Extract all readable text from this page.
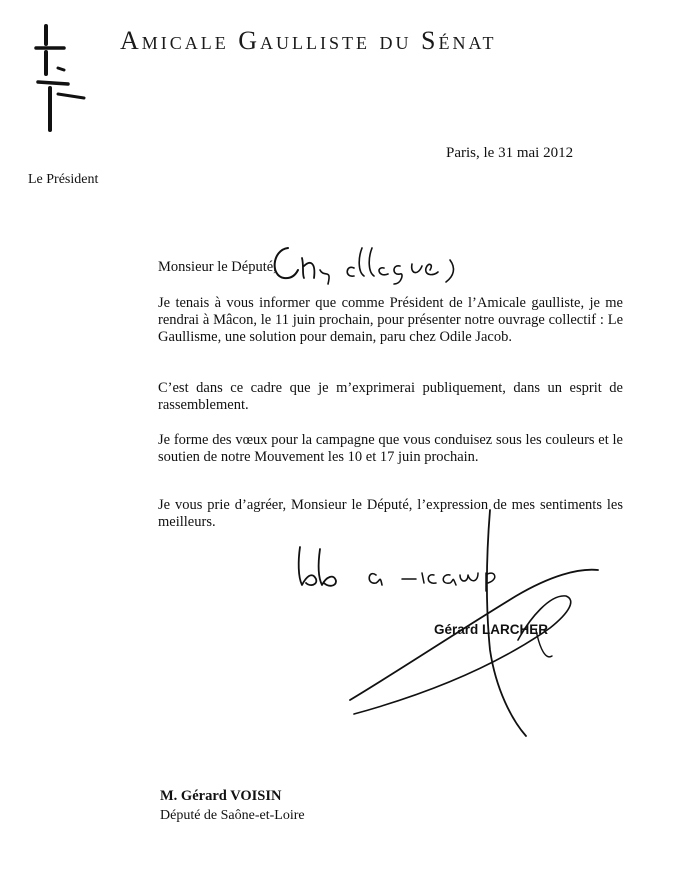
Amicale Gaulliste du Sénat
Paris, le 31 mai 2012
Le Président
Monsieur le Député,

Je tenais à vous informer que comme Président de l’Amicale gaulliste, je me rendrai à Mâcon, le 11 juin prochain, pour présenter notre ouvrage collectif : Le Gaullisme, une solution pour demain, paru chez Odile Jacob.

C’est dans ce cadre que je m’exprimerai publiquement, dans un esprit de rassemblement.

Je forme des vœux pour la campagne que vous conduisez sous les couleurs et le soutien de notre Mouvement les 10 et 17 juin prochain.

Je vous prie d’agréer, Monsieur le Député, l’expression de mes sentiments les meilleurs.

Gérard LARCHER
M. Gérard VOISIN
Député de Saône-et-Loire
